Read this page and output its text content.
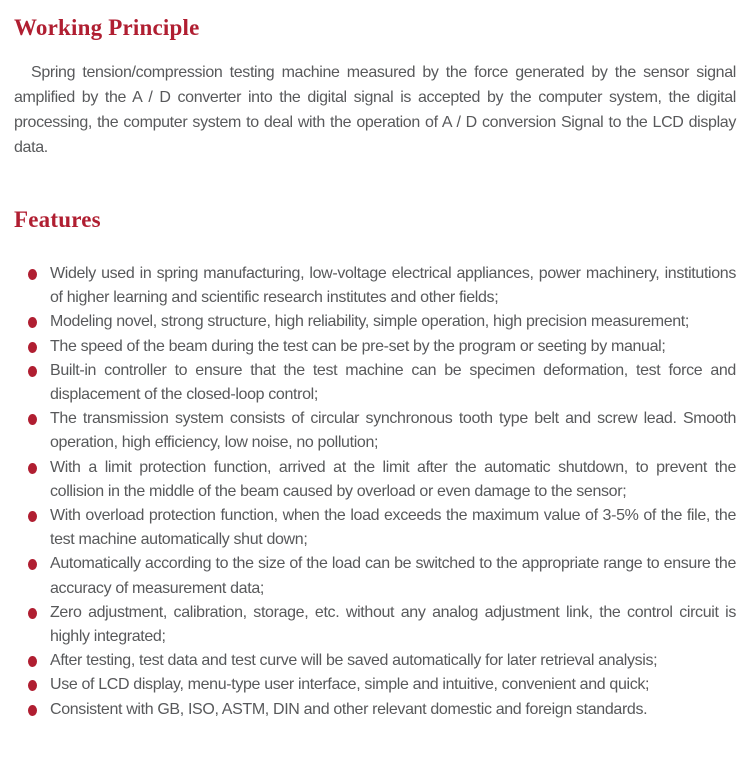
Working Principle

Spring tension/compression testing machine measured by the force generated by the sensor signal amplified by the A / D converter into the digital signal is accepted by the computer system, the digital processing, the computer system to deal with the operation of A / D conversion Signal to the LCD display data.

Features
Widely used in spring manufacturing, low-voltage electrical appliances, power machinery, institutions of higher learning and scientific research institutes and other fields;
Modeling novel, strong structure, high reliability, simple operation, high precision measurement;
The speed of the beam during the test can be pre-set by the program or seeting by manual;
Built-in controller to ensure that the test machine can be specimen deformation, test force and displacement of the closed-loop control;
The transmission system consists of circular synchronous tooth type belt and screw lead. Smooth operation, high efficiency, low noise, no pollution;
With a limit protection function, arrived at the limit after the automatic shutdown, to prevent the collision in the middle of the beam caused by overload or even damage to the sensor;
With overload protection function, when the load exceeds the maximum value of 3-5% of the file, the test machine automatically shut down;
Automatically according to the size of the load can be switched to the appropriate range to ensure the accuracy of measurement data;
Zero adjustment, calibration, storage, etc. without any analog adjustment link, the control circuit is highly integrated;
After testing, test data and test curve will be saved automatically for later retrieval analysis;
Use of LCD display, menu-type user interface, simple and intuitive, convenient and quick;
Consistent with GB, ISO, ASTM, DIN and other relevant domestic and foreign standards.
